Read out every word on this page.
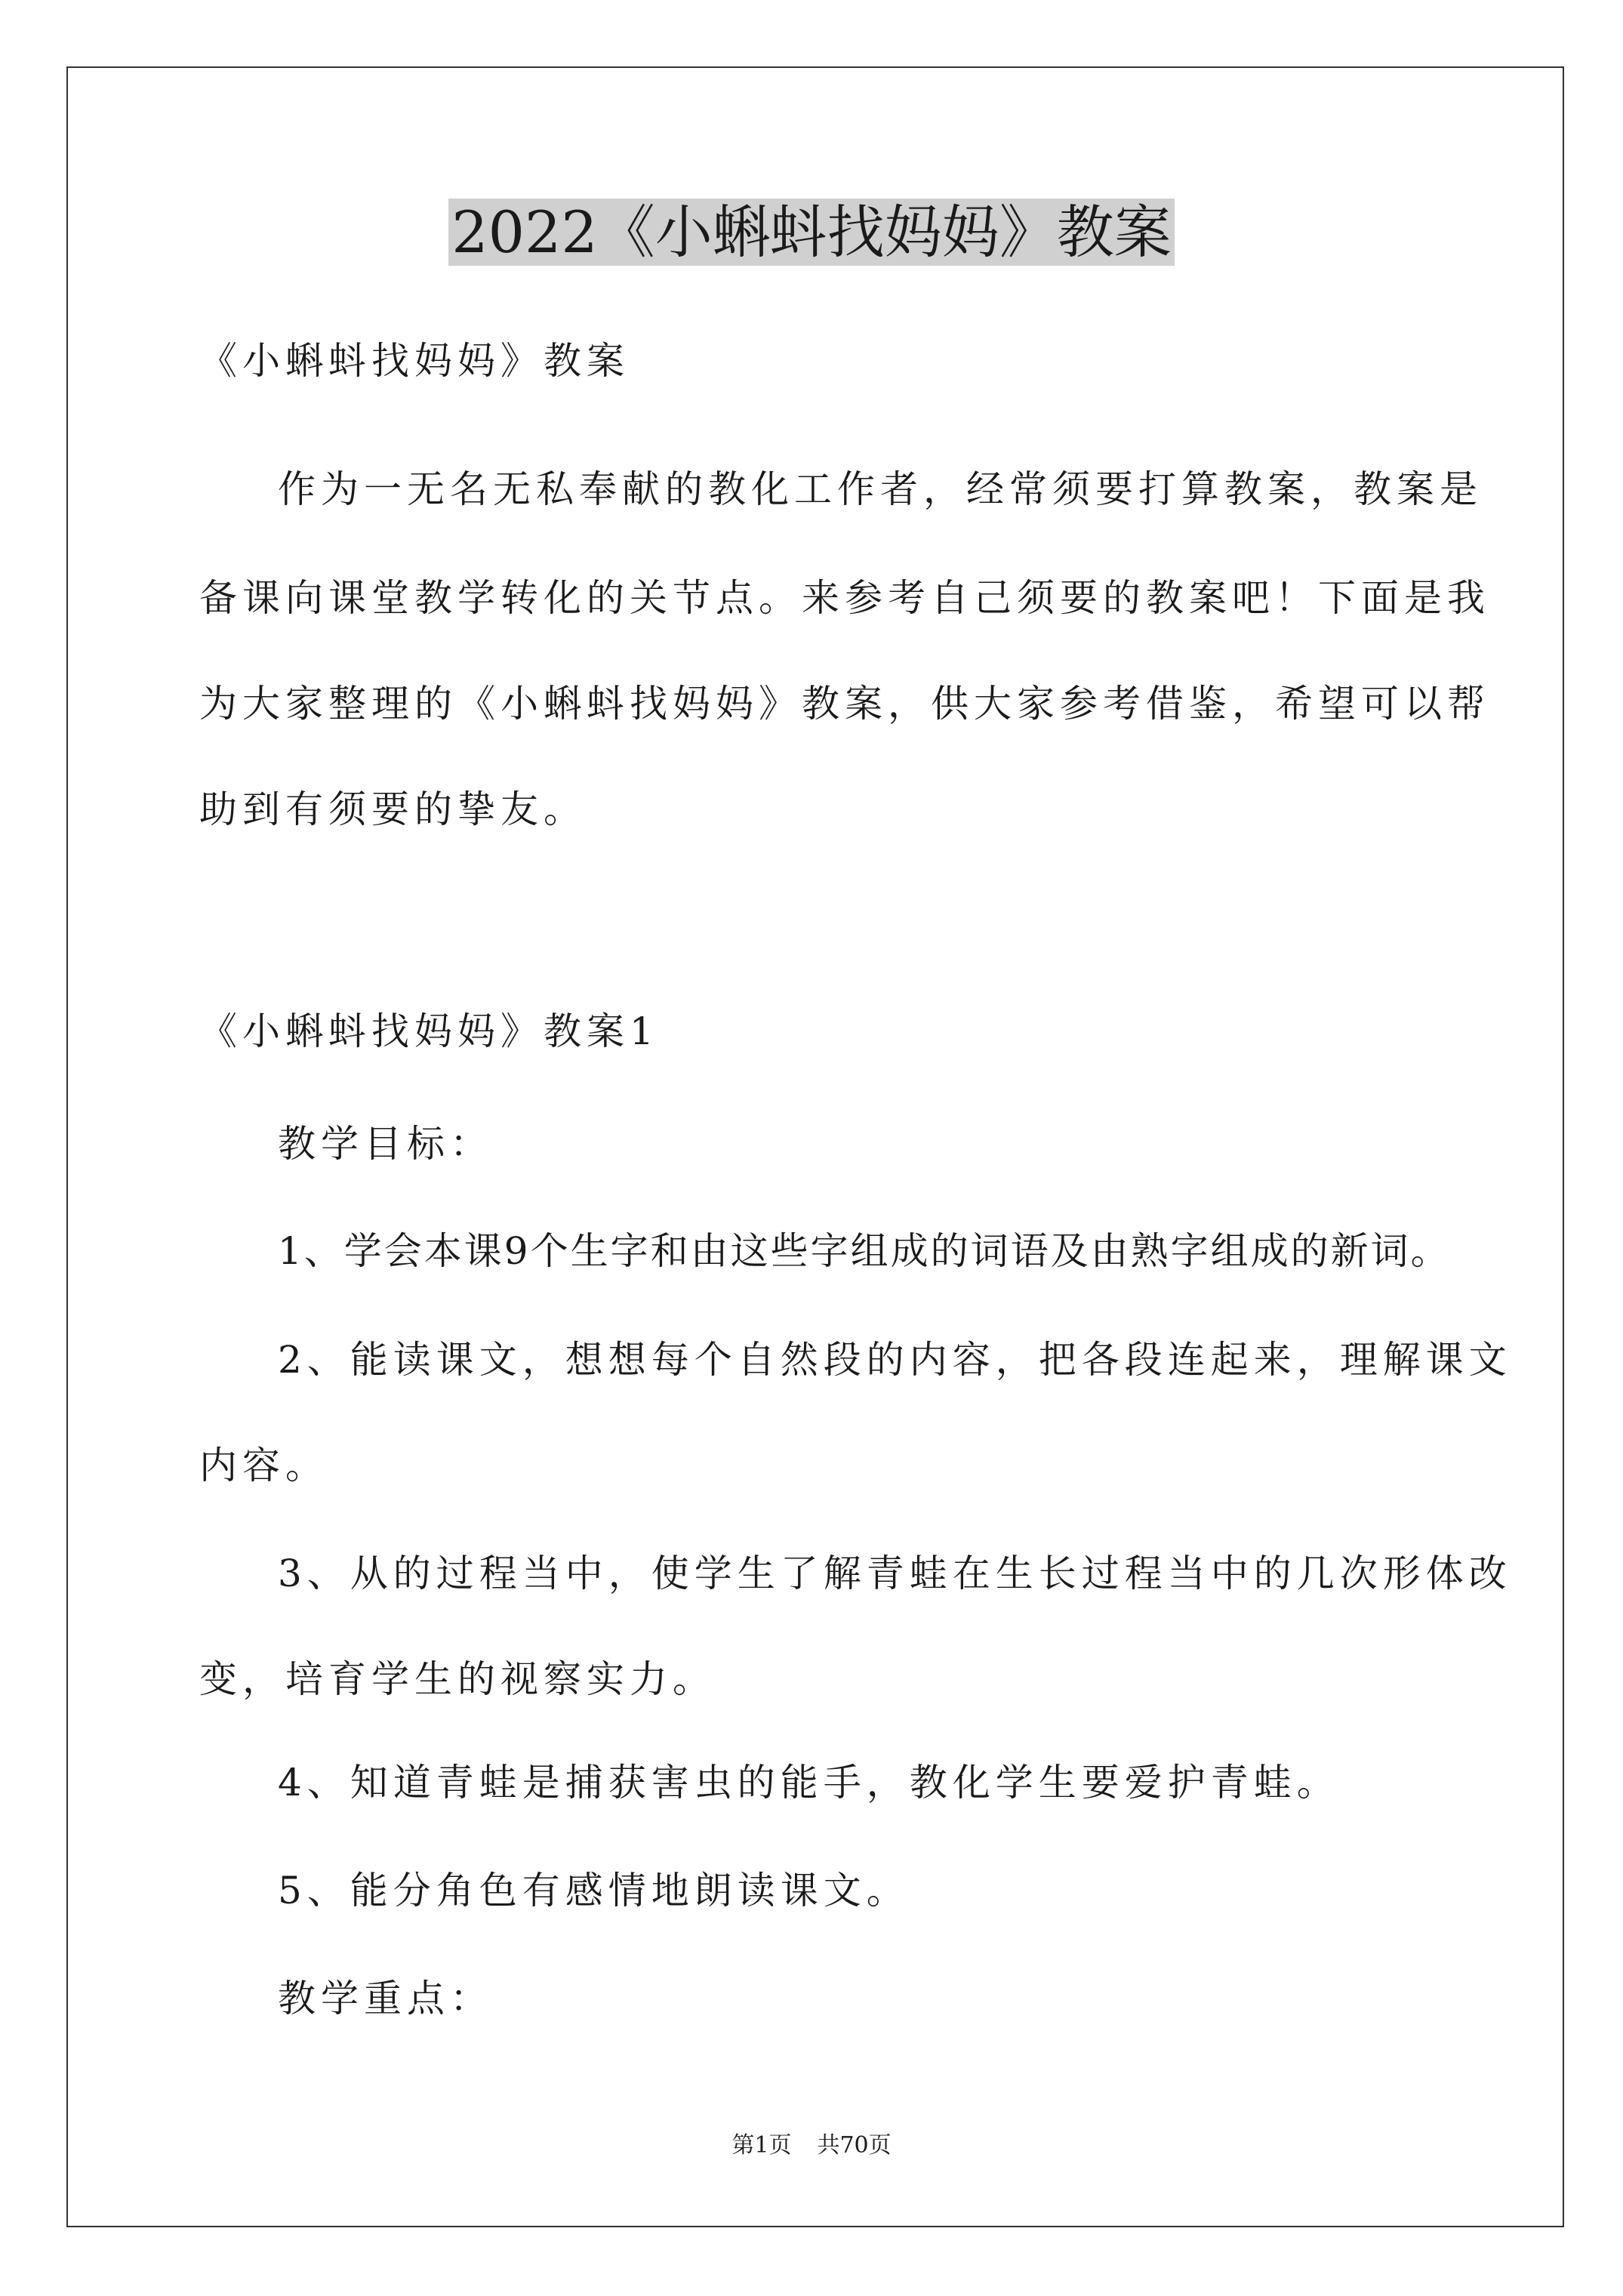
2022《小蝌蚪找妈妈》教案

《小蝌蚪找妈妈》教案

作为一无名无私奉献的教化工作者，经常须要打算教案，教案是

备课向课堂教学转化的关节点。来参考自己须要的教案吧！下面是我

为大家整理的《小蝌蚪找妈妈》教案，供大家参考借鉴，希望可以帮

助到有须要的挚友。

《小蝌蚪找妈妈》教案1

教学目标：

1、学会本课9个生字和由这些字组成的词语及由熟字组成的新词。

2、能读课文，想想每个自然段的内容，把各段连起来，理解课文

内容。

3、从的过程当中，使学生了解青蛙在生长过程当中的几次形体改

变，培育学生的视察实力。

4、知道青蛙是捕获害虫的能手，教化学生要爱护青蛙。

5、能分角色有感情地朗读课文。

教学重点：

第1页 共70页
